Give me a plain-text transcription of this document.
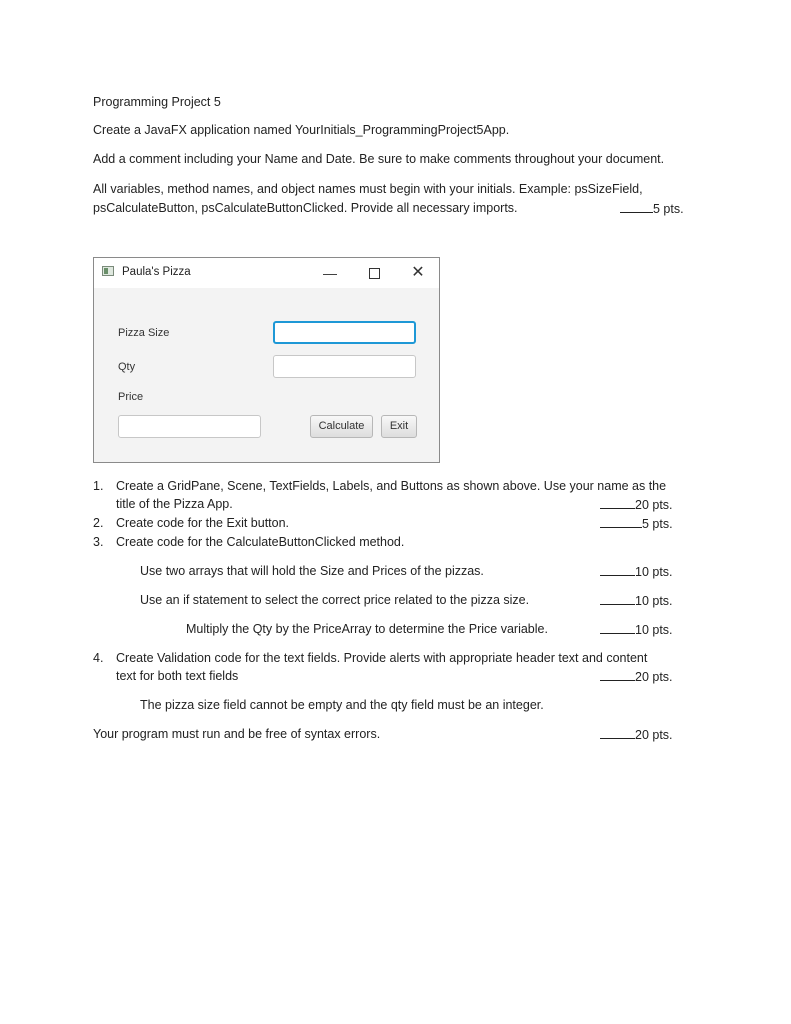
Programming Project 5
Create a JavaFX application named YourInitials_ProgrammingProject5App.
Add a comment including your Name and Date. Be sure to make comments throughout your document.
All variables, method names, and object names must begin with your initials. Example: psSizeField,
psCalculateButton, psCalculateButtonClicked. Provide all necessary imports.	5 pts.
Paula's Pizza	—	✕
Pizza Size
Qty
Price
Calculate	Exit
1. Create a GridPane, Scene, TextFields, Labels, and Buttons as shown above. Use your name as the
title of the Pizza App.	20 pts.
2. Create code for the Exit button.	5 pts.
3. Create code for the CalculateButtonClicked method.
Use two arrays that will hold the Size and Prices of the pizzas.	10 pts.
Use an if statement to select the correct price related to the pizza size.	10 pts.
Multiply the Qty by the PriceArray to determine the Price variable.	10 pts.
4. Create Validation code for the text fields. Provide alerts with appropriate header text and content
text for both text fields	20 pts.
The pizza size field cannot be empty and the qty field must be an integer.
Your program must run and be free of syntax errors.	20 pts.
